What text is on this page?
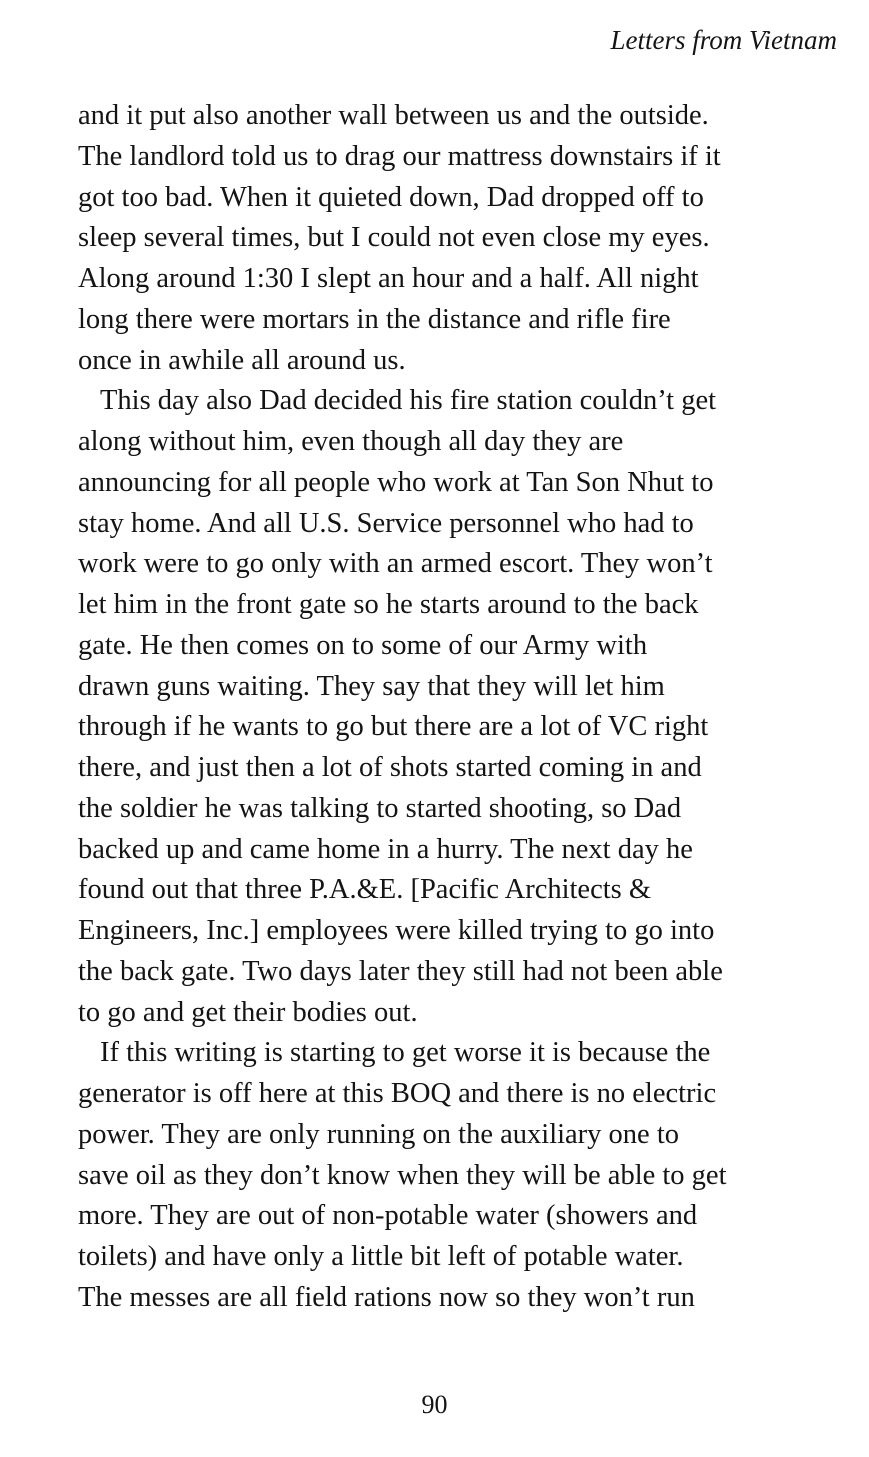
Letters from Vietnam
and it put also another wall between us and the outside.
The landlord told us to drag our mattress downstairs if it
got too bad. When it quieted down, Dad dropped off to
sleep several times, but I could not even close my eyes.
Along around 1:30 I slept an hour and a half. All night
long there were mortars in the distance and rifle fire
once in awhile all around us.
This day also Dad decided his fire station couldn’t get
along without him, even though all day they are
announcing for all people who work at Tan Son Nhut to
stay home. And all U.S. Service personnel who had to
work were to go only with an armed escort. They won’t
let him in the front gate so he starts around to the back
gate. He then comes on to some of our Army with
drawn guns waiting. They say that they will let him
through if he wants to go but there are a lot of VC right
there, and just then a lot of shots started coming in and
the soldier he was talking to started shooting, so Dad
backed up and came home in a hurry. The next day he
found out that three P.A.&E. [Pacific Architects &
Engineers, Inc.] employees were killed trying to go into
the back gate. Two days later they still had not been able
to go and get their bodies out.
If this writing is starting to get worse it is because the
generator is off here at this BOQ and there is no electric
power. They are only running on the auxiliary one to
save oil as they don’t know when they will be able to get
more. They are out of non-potable water (showers and
toilets) and have only a little bit left of potable water.
The messes are all field rations now so they won’t run
90
